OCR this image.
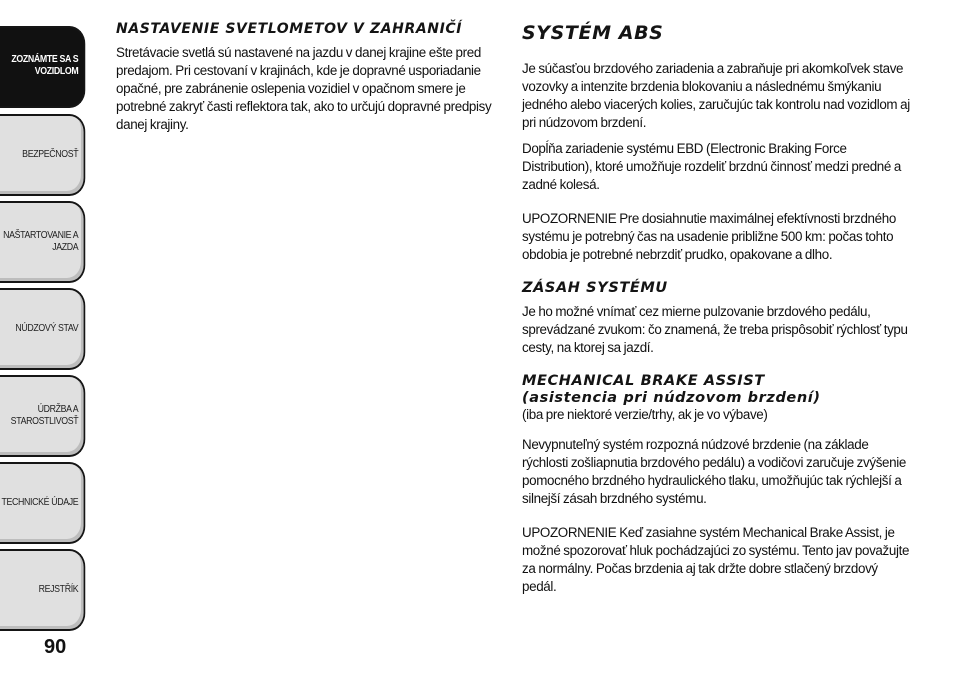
ZOZNÁMTE SA S VOZIDLOM
BEZPEČNOSŤ
NAŠTARTOVANIE A JAZDA
NÚDZOVÝ STAV
ÚDRŽBA A STAROSTLIVOSŤ
TECHNICKÉ ÚDAJE
REJSTŘÍK
90
NASTAVENIE SVETLOMETOV V ZAHRANIČÍ

Stretávacie svetlá sú nastavené na jazdu v danej krajine ešte pred predajom. Pri cestovaní v krajinách, kde je dopravné usporiadanie opačné, pre zabránenie oslepenia vozidiel v opačnom smere je potrebné zakryť časti reflektora tak, ako to určujú dopravné predpisy danej krajiny.

SYSTÉM ABS

Je súčasťou brzdového zariadenia a zabraňuje pri akomkoľvek stave vozovky a intenzite brzdenia blokovaniu a následnému šmýkaniu jedného alebo viacerých kolies, zaručujúc tak kontrolu nad vozidlom aj pri núdzovom brzdení.

Dopĺňa zariadenie systému EBD (Electronic Braking Force Distribution), ktoré umožňuje rozdeliť brzdnú činnosť medzi predné a zadné kolesá.

UPOZORNENIE Pre dosiahnutie maximálnej efektívnosti brzdného systému je potrebný čas na usadenie približne 500 km: počas tohto obdobia je potrebné nebrzdiť prudko, opakovane a dlho.

ZÁSAH SYSTÉMU

Je ho možné vnímať cez mierne pulzovanie brzdového pedálu, sprevádzané zvukom: čo znamená, že treba prispôsobiť rýchlosť typu cesty, na ktorej sa jazdí.

MECHANICAL BRAKE ASSIST
(asistencia pri núdzovom brzdení)

(iba pre niektoré verzie/trhy, ak je vo výbave)

Nevypnuteľný systém rozpozná núdzové brzdenie (na základe rýchlosti zošliapnutia brzdového pedálu) a vodičovi zaručuje zvýšenie pomocného brzdného hydraulického tlaku, umožňujúc tak rýchlejší a silnejší zásah brzdného systému.

UPOZORNENIE Keď zasiahne systém Mechanical Brake Assist, je možné spozorovať hluk pochádzajúci zo systému. Tento jav považujte za normálny. Počas brzdenia aj tak držte dobre stlačený brzdový pedál.
